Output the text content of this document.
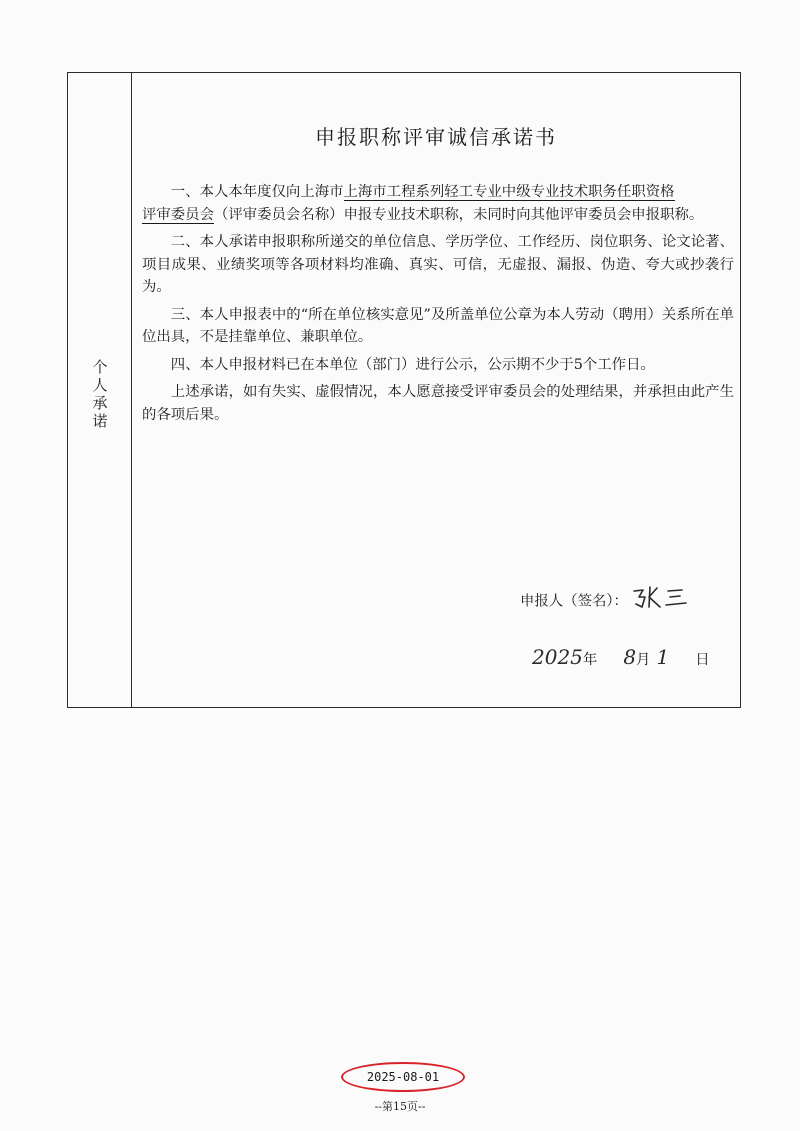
个
人
承
诺
申报职称评审诚信承诺书

一、本人本年度仅向上海市上海市工程系列轻工专业中级专业技术职务任职资格
评审委员会（评审委员会名称）申报专业技术职称，未同时向其他评审委员会申报职称。

二、本人承诺申报职称所递交的单位信息、学历学位、工作经历、岗位职务、论文论著、项目成果、业绩奖项等各项材料均准确、真实、可信，无虚报、漏报、伪造、夸大或抄袭行为。

三、本人申报表中的“所在单位核实意见”及所盖单位公章为本人劳动（聘用）关系所在单位出具，不是挂靠单位、兼职单位。

四、本人申报材料已在本单位（部门）进行公示，公示期不少于5个工作日。

上述承诺，如有失实、虚假情况，本人愿意接受评审委员会的处理结果，并承担由此产生的各项后果。

申报人（签名）：
2025年 8月 1 日
2025-08-01
--第15页--
